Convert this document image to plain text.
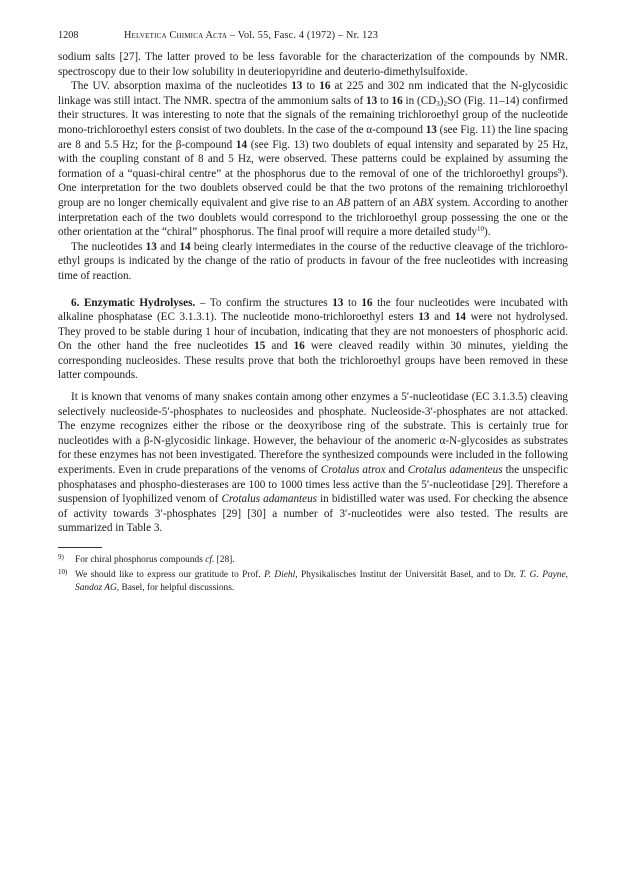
1208	Helvetica Chimica Acta – Vol. 55, Fasc. 4 (1972) – Nr. 123

sodium salts [27]. The latter proved to be less favorable for the characterization of the compounds by NMR. spectroscopy due to their low solubility in deuteriopyridine and deuterio-dimethylsulfoxide.

The UV. absorption maxima of the nucleotides 13 to 16 at 225 and 302 nm indicated that the N-glycosidic linkage was still intact. The NMR. spectra of the ammonium salts of 13 to 16 in $(CD_3)_2SO$ (Fig. 11–14) confirmed their structures. It was interesting to note that the signals of the remaining trichloroethyl group of the nucleotide mono-trichloroethyl esters consist of two doublets. In the case of the α-compound 13 (see Fig. 11) the line spacing are 8 and 5.5 Hz; for the β-compound 14 (see Fig. 13) two doublets of equal intensity and separated by 25 Hz, with the coupling constant of 8 and 5 Hz, were observed. These patterns could be explained by assuming the formation of a “quasi-chiral centre” at the phosphorus due to the removal of one of the trichloroethyl groups$^9$). One interpretation for the two doublets observed could be that the two protons of the remaining trichloroethyl group are no longer chemically equivalent and give rise to an AB pattern of an ABX system. According to another interpretation each of the two doublets would correspond to the trichloroethyl group possessing the one or the other orientation at the “chiral” phosphorus. The final proof will require a more detailed study$^{10}$).

The nucleotides 13 and 14 being clearly intermediates in the course of the reductive cleavage of the trichloro-ethyl groups is indicated by the change of the ratio of products in favour of the free nucleotides with increasing time of reaction.

6. Enzymatic Hydrolyses. – To confirm the structures 13 to 16 the four nucleotides were incubated with alkaline phosphatase (EC 3.1.3.1). The nucleotide mono-trichloroethyl esters 13 and 14 were not hydrolysed. They proved to be stable during 1 hour of incubation, indicating that they are not monoesters of phosphoric acid. On the other hand the free nucleotides 15 and 16 were cleaved readily within 30 minutes, yielding the corresponding nucleosides. These results prove that both the trichloroethyl groups have been removed in these latter compounds.

It is known that venoms of many snakes contain among other enzymes a 5′-nucleotidase (EC 3.1.3.5) cleaving selectively nucleoside-5′-phosphates to nucleosides and phosphate. Nucleoside-3′-phosphates are not attacked. The enzyme recognizes either the ribose or the deoxyribose ring of the substrate. This is certainly true for nucleotides with a β-N-glycosidic linkage. However, the behaviour of the anomeric α-N-glycosides as substrates for these enzymes has not been investigated. Therefore the synthesized compounds were included in the following experiments. Even in crude preparations of the venoms of Crotalus atrox and Crotalus adamenteus the unspecific phosphatases and phospho-diesterases are 100 to 1000 times less active than the 5′-nucleotidase [29]. Therefore a suspension of lyophilized venom of Crotalus adamanteus in bidistilled water was used. For checking the absence of activity towards 3′-phosphates [29] [30] a number of 3′-nucleotides were also tested. The results are summarized in Table 3.

9) For chiral phosphorus compounds cf. [28].

10) We should like to express our gratitude to Prof. P. Diehl, Physikalisches Institut der Universität Basel, and to Dr. T. G. Payne, Sandoz AG, Basel, for helpful discussions.
